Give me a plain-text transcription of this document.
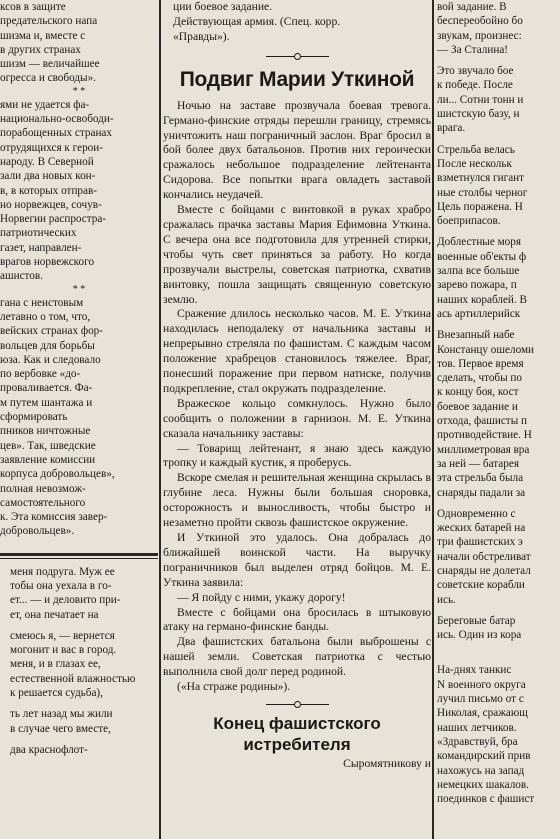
ксов в защите

предательского напа

шизма и, вместе с

в других странах

шизм — величайшее

огресса и свободы».

* *

ями не удается фа-

национально-освободи-

порабощенных странах

отрудящихся к герои-

народу. В Северной

зали два новых кон-

в, в которых отправ-

но норвежцев, сочув-

Норвегии распростра-

патриотических

газет, направлен-

врагов норвежского

ашистов.

* *

гана с неистовым

летавно о том, что,

вейских странах фор-

вольцев для борьбы

юза. Как и следовало

по вербовке «до-

проваливается. Фа-

м путем шантажа и

сформировать

пников ничтожные

цев». Так, шведские

заявление комиссии

корпуса добровольцев»,

полная невозмож-

самостоятельного

к. Эта комиссия завер-

добровольцев».

меня подруга. Муж ее

тобы она уехала в го-

ет... — и деловито при-

ет, она печатает на

смеюсь я, — вернется

могонит и вас в город.

меня, и в глазах ее,

естественной влажностью

к решается судьба),

ть лет назад мы жили

в случае чего вместе,

два краснофлот-

ции боевое задание.

Действующая армия. (Спец. корр.

«Правды»).

Подвиг Марии Уткиной

Ночью на заставе прозвучала боевая тревога. Германо-финские отряды перешли границу, стремясь уничтожить наш пограничный заслон. Враг бросил в бой более двух батальонов. Против них героически сражалось небольшое подразделение лейтенанта Сидорова. Все попытки врага овладеть заставой кончались неудачей.

Вместе с бойцами с винтовкой в руках храбро сражалась прачка заставы Мария Ефимовна Уткина. С вечера она все подготовила для утренней стирки, чтобы чуть свет приняться за работу. Но когда прозвучали выстрелы, советская патриотка, схватив винтовку, пошла защищать священную советскую землю.

Сражение длилось несколько часов. М. Е. Уткина находилась неподалеку от начальника заставы и непрерывно стреляла по фашистам. С каждым часом положение храбрецов становилось тяжелее. Враг, понесший поражение при первом натиске, получив подкрепление, стал окружать подразделение.

Вражеское кольцо сомкнулось. Нужно было сообщить о положении в гарнизон. М. Е. Уткина сказала начальнику заставы:

— Товарищ лейтенант, я знаю здесь каждую тропку и каждый кустик, я проберусь.

Вскоре смелая и решительная женщина скрылась в глубине леса. Нужны были большая сноровка, осторожность и выносливость, чтобы быстро и незаметно пройти сквозь фашистское окружение.

И Уткиной это удалось. Она добралась до ближайшей воинской части. На выручку пограничников был выделен отряд бойцов. М. Е. Уткина заявила:

— Я пойду с ними, укажу дорогу!

Вместе с бойцами она бросилась в штыковую атаку на германо-финские банды.

Два фашистских батальона были выброшены с нашей земли. Советская патриотка с честью выполнила свой долг перед родиной.

(«На страже родины»).

Конец фашистского истребителя

Сыромятникову и

вой задание. В

беспереобойно бо

звукам, произнес:

— За Сталина!

Это звучало бое

к победе. После

ли... Сотни тонн и

шистскую базу, н

врага.

Стрельба велась

После нескольк

взметнулся гигант

ные столбы черног

Цель поражена. Н

боеприпасов.

Доблестные моря

военные об'екты ф

залпа все больше

зарево пожара, п

наших кораблей. В

ась артиллерийск

Внезапный набе

Констанцу ошеломи

тов. Первое время

сделать, чтобы по

к концу боя, кост

боевое задание и

отхода, фашисты п

противодействие. Н

миллиметровая вра

за ней — батарея

эта стрельба была

снаряды падали за

Одновременно с

жеских батарей на

три фашистских э

начали обстреливат

снаряды не долетал

советские корабли

ись.

Береговые батар

ись. Один из кора

На-днях танкис

N военного округа

лучил письмо от с

Николая, сражающ

наших летчиков.

«Здравствуй, бра

командирский прив

нахожусь на запад

немецких шакалов.

поединков с фашист
